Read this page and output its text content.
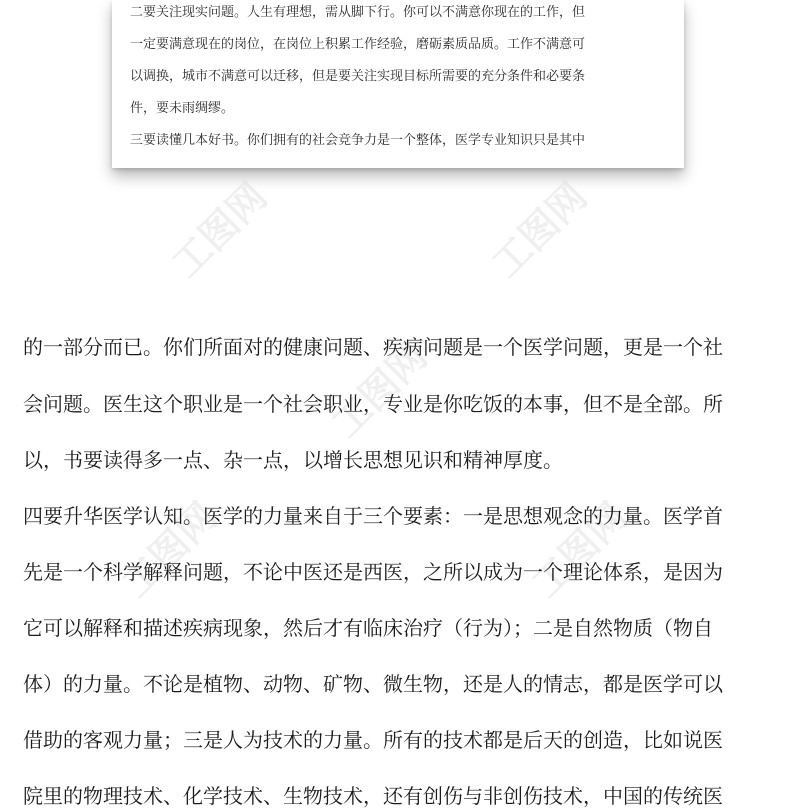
二要关注现实问题。人生有理想，需从脚下行。你可以不满意你现在的工作，但
一定要满意现在的岗位，在岗位上积累工作经验，磨砺素质品质。工作不满意可
以调换，城市不满意可以迁移，但是要关注实现目标所需要的充分条件和必要条
件，要未雨绸缪。
三要读懂几本好书。你们拥有的社会竞争力是一个整体，医学专业知识只是其中
工图网	工图网
工图网
工图网
工图网
的一部分而已。你们所面对的健康问题、疾病问题是一个医学问题，更是一个社
会问题。医生这个职业是一个社会职业，专业是你吃饭的本事，但不是全部。所
以，书要读得多一点、杂一点，以增长思想见识和精神厚度。
四要升华医学认知。医学的力量来自于三个要素：一是思想观念的力量。医学首
先是一个科学解释问题，不论中医还是西医，之所以成为一个理论体系，是因为
它可以解释和描述疾病现象，然后才有临床治疗（行为）；二是自然物质（物自
体）的力量。不论是植物、动物、矿物、微生物，还是人的情志，都是医学可以
借助的客观力量；三是人为技术的力量。所有的技术都是后天的创造，比如说医
院里的物理技术、化学技术、生物技术，还有创伤与非创伤技术，中国的传统医
